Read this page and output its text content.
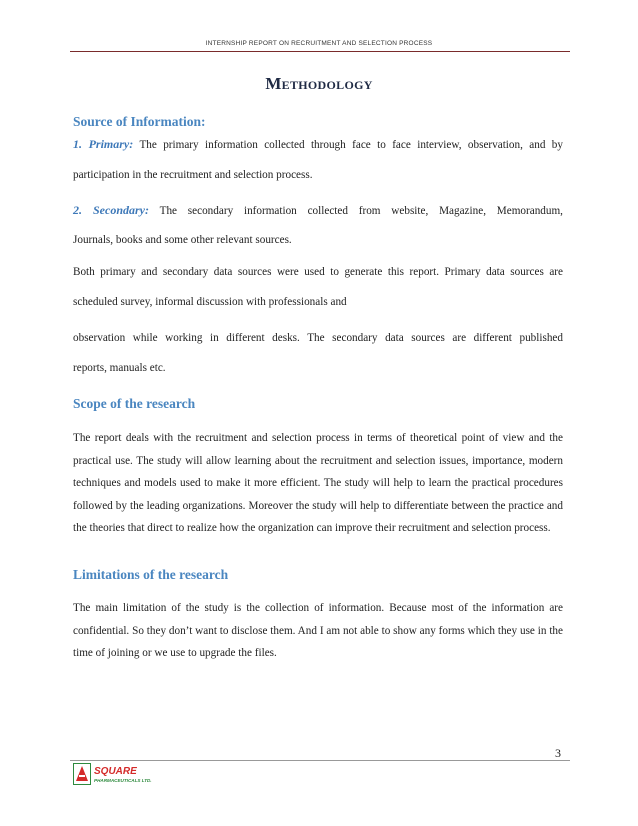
INTERNSHIP REPORT ON RECRUITMENT AND SELECTION PROCESS
Methodology
Source of Information:

1. Primary: The primary information collected through face to face interview, observation, and by

participation in the recruitment and selection process.

2. Secondary: The secondary information collected from website, Magazine, Memorandum,

Journals, books and some other relevant sources.

Both primary and secondary data sources were used to generate this report. Primary data sources are

scheduled survey, informal discussion with professionals and

observation while working in different desks. The secondary data sources are different published

reports, manuals etc.

Scope of the research

The report deals with the recruitment and selection process in terms of theoretical point of view and the practical use. The study will allow learning about the recruitment and selection issues, importance, modern techniques and models used to make it more efficient. The study will help to learn the practical procedures followed by the leading organizations. Moreover the study will help to differentiate between the practice and the theories that direct to realize how the organization can improve their recruitment and selection process.

Limitations of the research

The main limitation of the study is the collection of information. Because most of the information are confidential. So they don’t want to disclose them. And I am not able to show any forms which they use in the time of joining or we use to upgrade the files.

3
SQUARE
PHARMACEUTICALS LTD.
